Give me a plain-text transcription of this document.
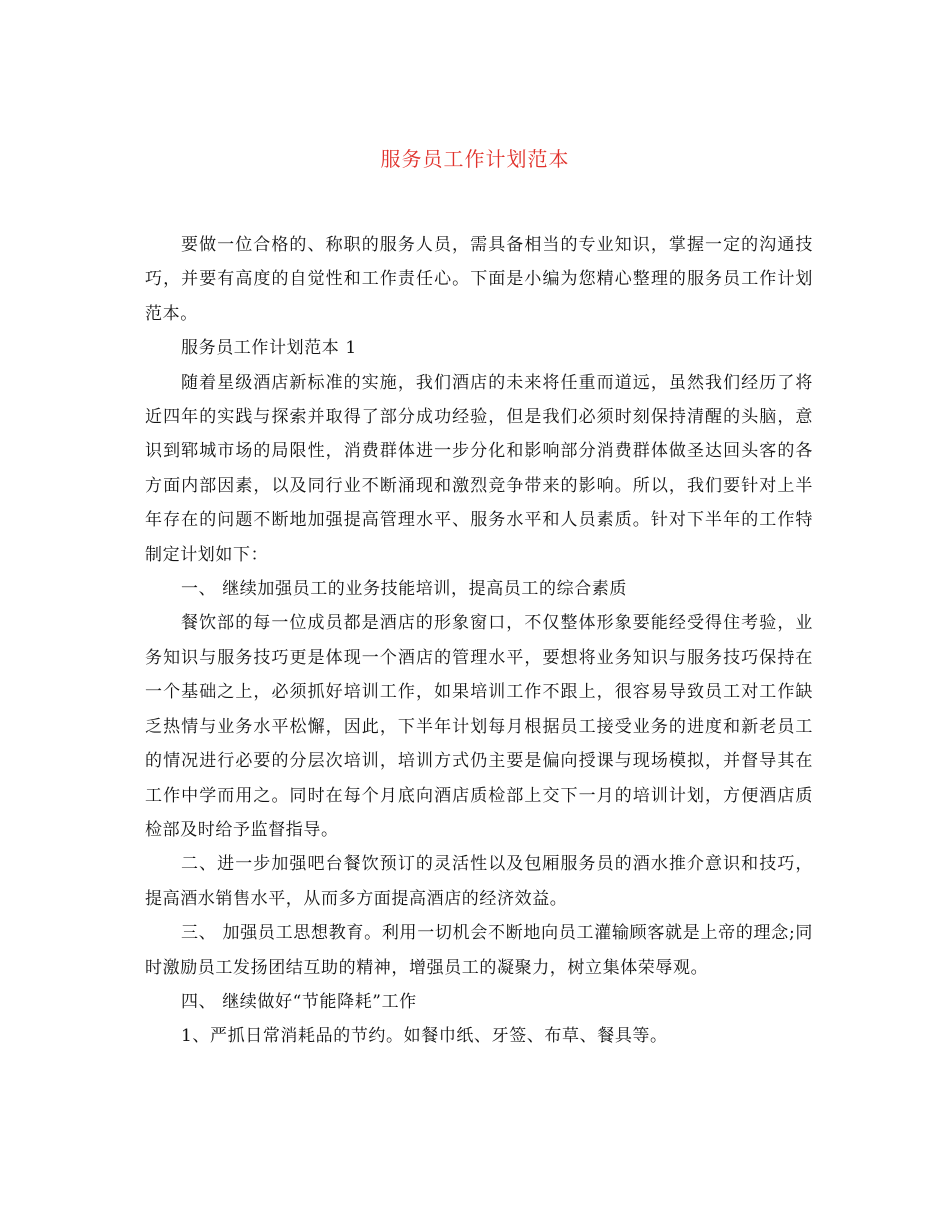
服务员工作计划范本

要做一位合格的、称职的服务人员，需具备相当的专业知识，掌握一定的沟通技巧，并要有高度的自觉性和工作责任心。下面是小编为您精心整理的服务员工作计划范本。

服务员工作计划范本 1

随着星级酒店新标准的实施，我们酒店的未来将任重而道远，虽然我们经历了将近四年的实践与探索并取得了部分成功经验，但是我们必须时刻保持清醒的头脑，意识到郓城市场的局限性，消费群体进一步分化和影响部分消费群体做圣达回头客的各方面内部因素，以及同行业不断涌现和激烈竞争带来的影响。所以，我们要针对上半年存在的问题不断地加强提高管理水平、服务水平和人员素质。针对下半年的工作特制定计划如下：

一、 继续加强员工的业务技能培训，提高员工的综合素质

餐饮部的每一位成员都是酒店的形象窗口，不仅整体形象要能经受得住考验，业务知识与服务技巧更是体现一个酒店的管理水平，要想将业务知识与服务技巧保持在一个基础之上，必须抓好培训工作，如果培训工作不跟上，很容易导致员工对工作缺乏热情与业务水平松懈，因此，下半年计划每月根据员工接受业务的进度和新老员工的情况进行必要的分层次培训，培训方式仍主要是偏向授课与现场模拟，并督导其在工作中学而用之。同时在每个月底向酒店质检部上交下一月的培训计划，方便酒店质检部及时给予监督指导。

二、进一步加强吧台餐饮预订的灵活性以及包厢服务员的酒水推介意识和技巧，提高酒水销售水平，从而多方面提高酒店的经济效益。

三、 加强员工思想教育。利用一切机会不断地向员工灌输顾客就是上帝的理念;同时激励员工发扬团结互助的精神，增强员工的凝聚力，树立集体荣辱观。

四、 继续做好“节能降耗”工作

1、严抓日常消耗品的节约。如餐巾纸、牙签、布草、餐具等。
